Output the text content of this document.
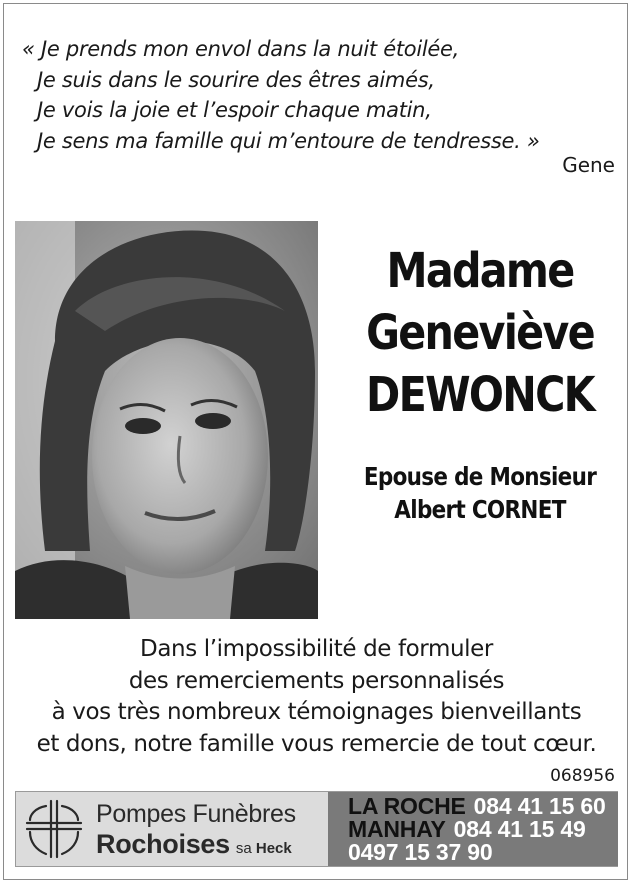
« Je prends mon envol dans la nuit étoilée,
Je suis dans le sourire des êtres aimés,
Je vois la joie et l’espoir chaque matin,
Je sens ma famille qui m’entoure de tendresse. »
Gene
Madame
Geneviève
DEWONCK
Epouse de Monsieur
Albert CORNET
Dans l’impossibilité de formuler
des remerciements personnalisés
à vos très nombreux témoignages bienveillants
et dons, notre famille vous remercie de tout cœur.
068956
Pompes Funèbres
Rochoises sa Heck
LA ROCHE 084 41 15 60
MANHAY 084 41 15 49
0497 15 37 90
